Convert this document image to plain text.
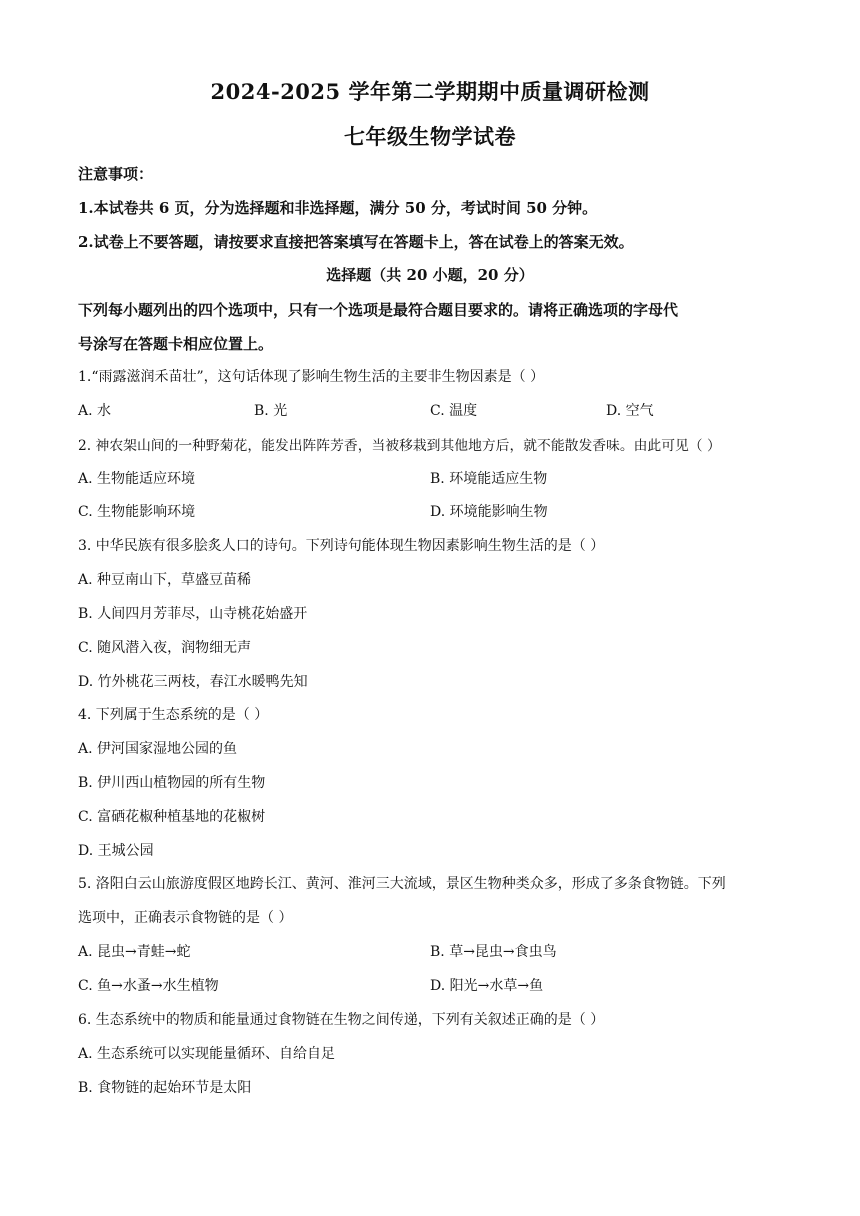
2024-2025 学年第二学期期中质量调研检测
七年级生物学试卷
注意事项：
1.本试卷共 6 页，分为选择题和非选择题，满分 50 分，考试时间 50 分钟。
2.试卷上不要答题，请按要求直接把答案填写在答题卡上，答在试卷上的答案无效。
选择题（共 20 小题，20 分）
下列每小题列出的四个选项中，只有一个选项是最符合题目要求的。请将正确选项的字母代
号涂写在答题卡相应位置上。
1.“雨露滋润禾苗壮”，这句话体现了影响生物生活的主要非生物因素是（ ）
A. 水	B. 光	C. 温度	D. 空气
2. 神农架山间的一种野菊花，能发出阵阵芳香，当被移栽到其他地方后，就不能散发香味。由此可见（ ）
A. 生物能适应环境	B. 环境能适应生物
C. 生物能影响环境	D. 环境能影响生物
3. 中华民族有很多脍炙人口的诗句。下列诗句能体现生物因素影响生物生活的是（ ）
A. 种豆南山下，草盛豆苗稀
B. 人间四月芳菲尽，山寺桃花始盛开
C. 随风潜入夜，润物细无声
D. 竹外桃花三两枝，春江水暖鸭先知
4. 下列属于生态系统的是（ ）
A. 伊河国家湿地公园的鱼
B. 伊川西山植物园的所有生物
C. 富硒花椒种植基地的花椒树
D. 王城公园
5. 洛阳白云山旅游度假区地跨长江、黄河、淮河三大流域，景区生物种类众多，形成了多条食物链。下列
选项中，正确表示食物链的是（ ）
A. 昆虫→青蛙→蛇	B. 草→昆虫→食虫鸟
C. 鱼→水蚤→水生植物	D. 阳光→水草→鱼
6. 生态系统中的物质和能量通过食物链在生物之间传递，下列有关叙述正确的是（ ）
A. 生态系统可以实现能量循环、自给自足
B. 食物链的起始环节是太阳
